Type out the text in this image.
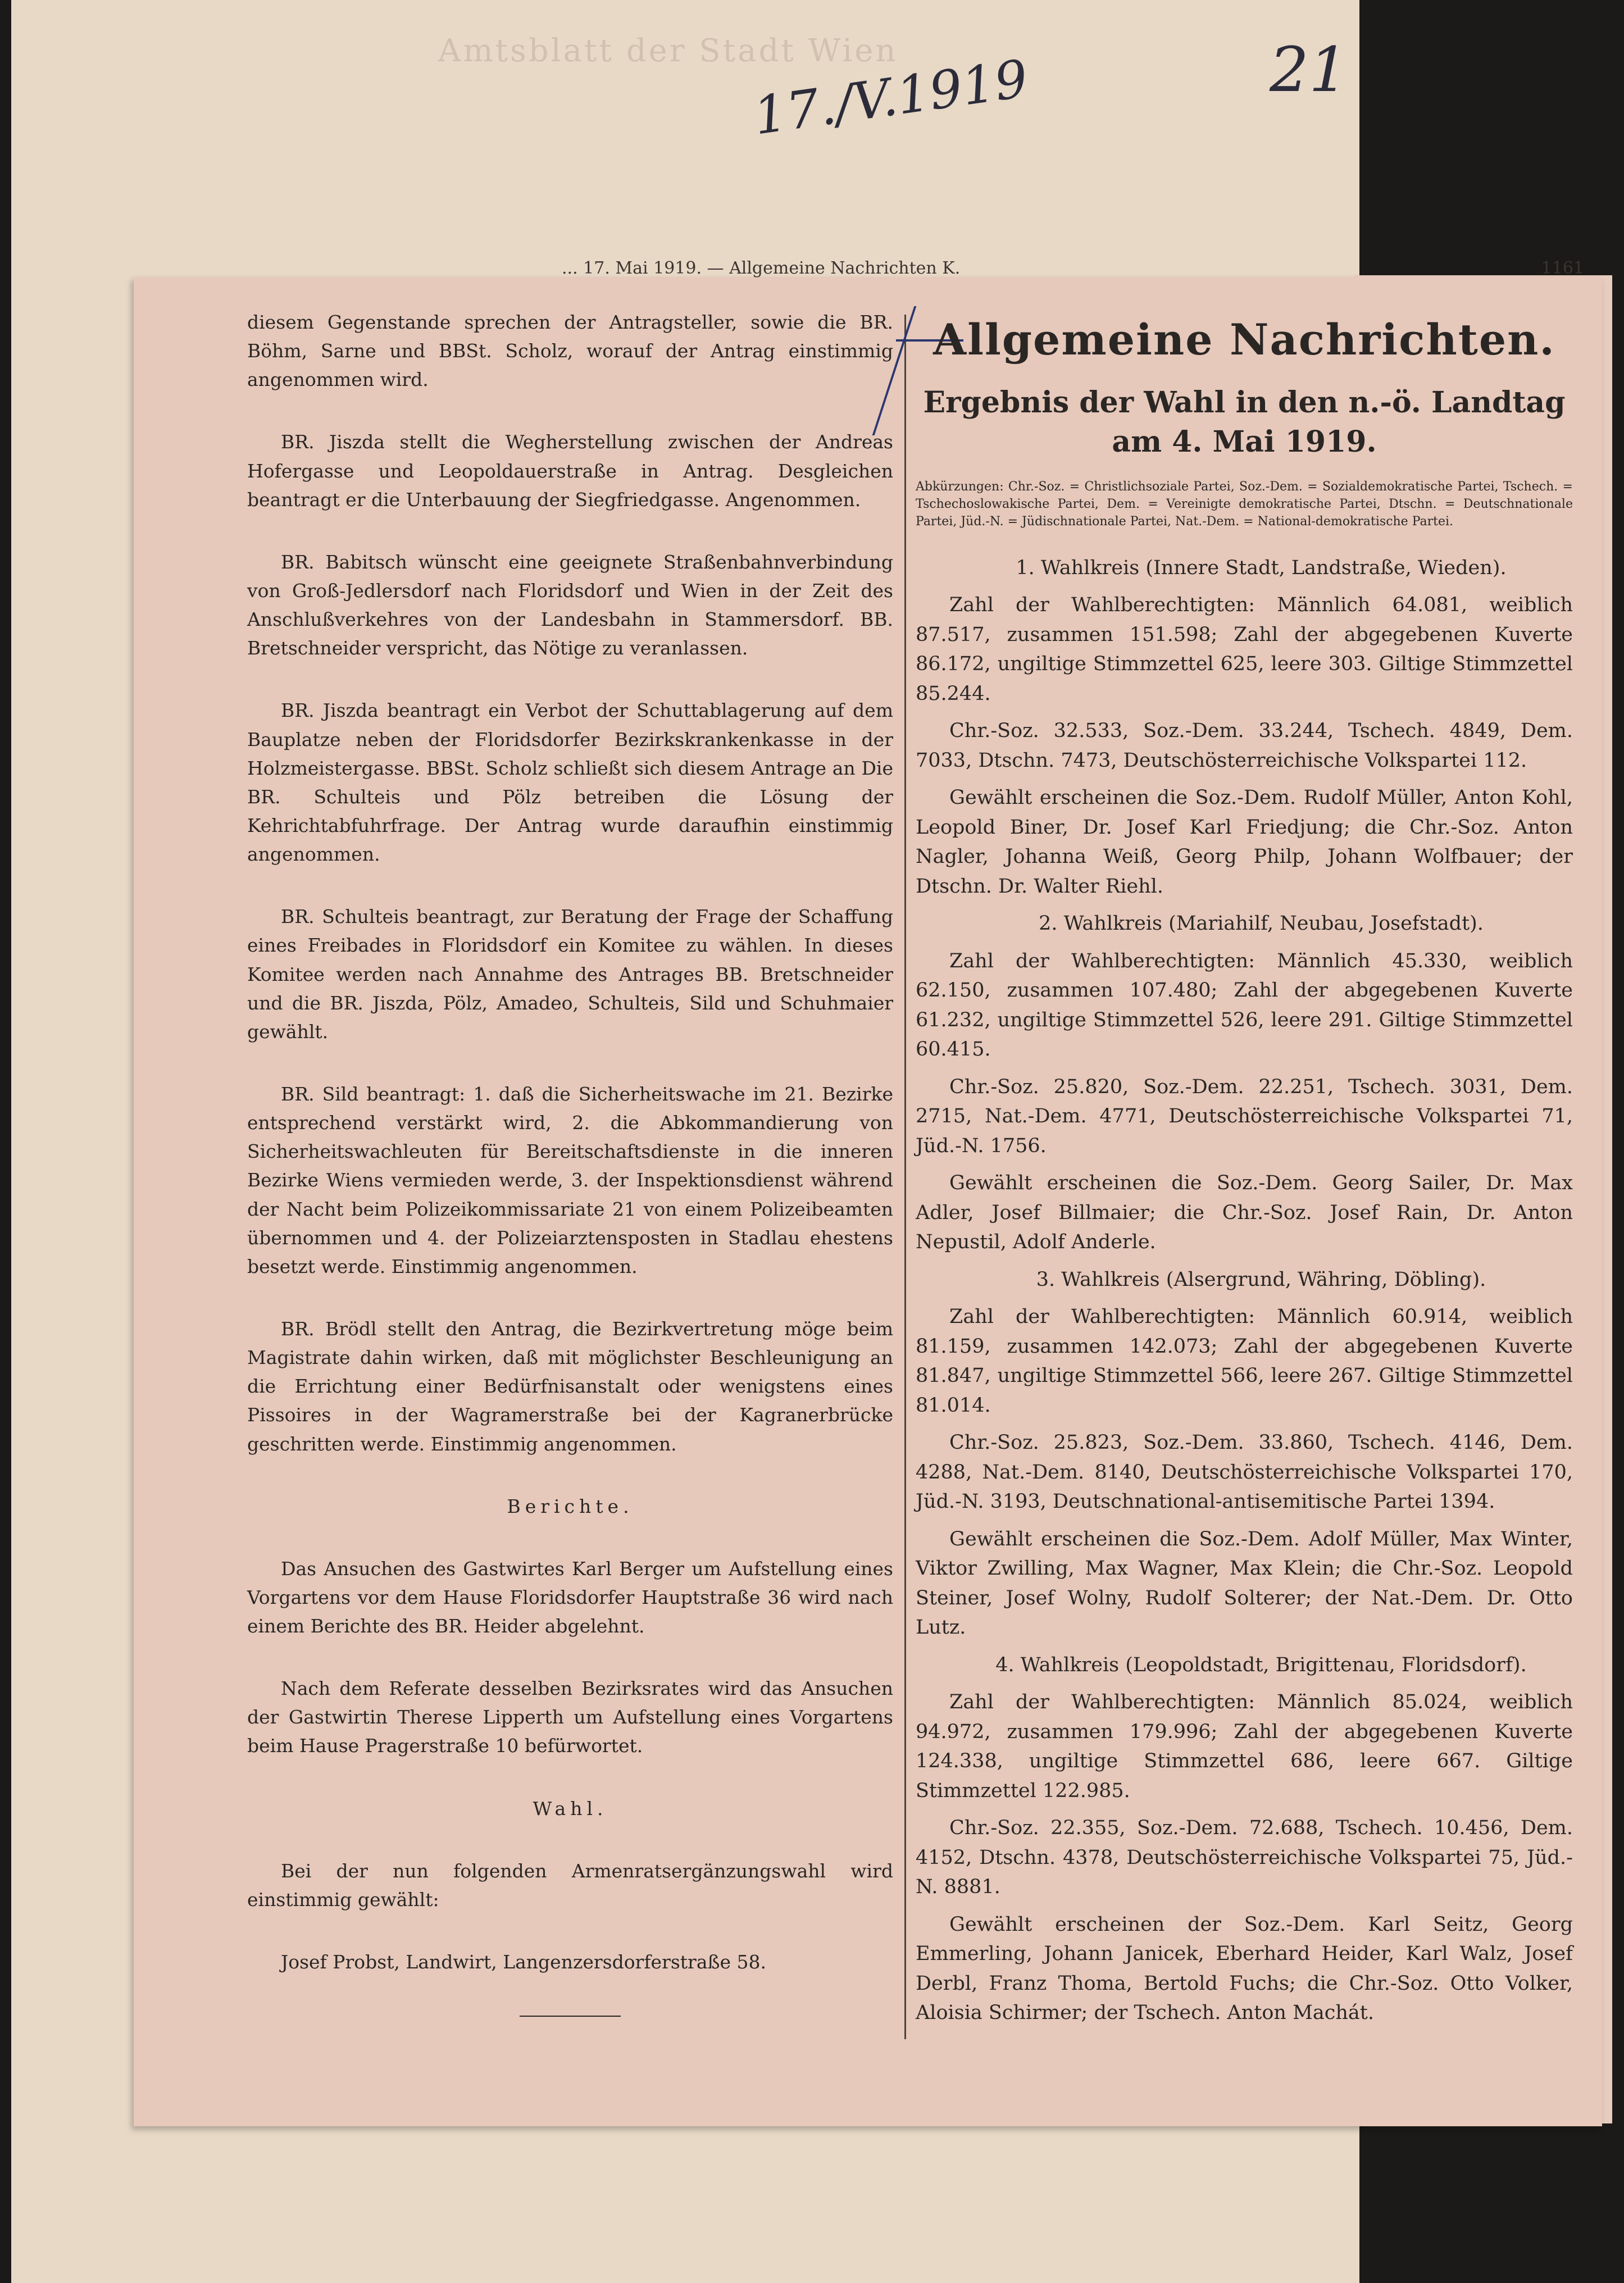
Amtsblatt der Stadt Wien
17./V.1919	21
... 17. Mai 1919. — Allgemeine Nachrichten K.	1161

diesem Gegenstande sprechen der Antragsteller, sowie die BR. Böhm, Sarne und BBSt. Scholz, worauf der Antrag einstimmig angenommen wird.

BR. Jiszda stellt die Wegherstellung zwischen der Andreas Hofergasse und Leopoldauerstraße in Antrag. Desgleichen beantragt er die Unterbauung der Siegfriedgasse. Angenommen.

BR. Babitsch wünscht eine geeignete Straßenbahnverbindung von Groß-Jedlersdorf nach Floridsdorf und Wien in der Zeit des Anschlußverkehres von der Landesbahn in Stammersdorf. BB. Bretschneider verspricht, das Nötige zu veranlassen.

BR. Jiszda beantragt ein Verbot der Schuttablagerung auf dem Bauplatze neben der Floridsdorfer Bezirkskrankenkasse in der Holzmeistergasse. BBSt. Scholz schließt sich diesem Antrage an Die BR. Schulteis und Pölz betreiben die Lösung der Kehrichtabfuhrfrage. Der Antrag wurde daraufhin einstimmig angenommen.

BR. Schulteis beantragt, zur Beratung der Frage der Schaffung eines Freibades in Floridsdorf ein Komitee zu wählen. In dieses Komitee werden nach Annahme des Antrages BB. Bretschneider und die BR. Jiszda, Pölz, Amadeo, Schulteis, Sild und Schuhmaier gewählt.

BR. Sild beantragt: 1. daß die Sicherheitswache im 21. Bezirke entsprechend verstärkt wird, 2. die Abkommandierung von Sicherheitswachleuten für Bereitschaftsdienste in die inneren Bezirke Wiens vermieden werde, 3. der Inspektionsdienst während der Nacht beim Polizeikommissariate 21 von einem Polizeibeamten übernommen und 4. der Polizeiarztensposten in Stadlau ehestens besetzt werde. Einstimmig angenommen.

BR. Brödl stellt den Antrag, die Bezirkvertretung möge beim Magistrate dahin wirken, daß mit möglichster Beschleunigung an die Errichtung einer Bedürfnisanstalt oder wenigstens eines Pissoires in der Wagramerstraße bei der Kagranerbrücke geschritten werde. Einstimmig angenommen.

Berichte.

Das Ansuchen des Gastwirtes Karl Berger um Aufstellung eines Vorgartens vor dem Hause Floridsdorfer Hauptstraße 36 wird nach einem Berichte des BR. Heider abgelehnt.

Nach dem Referate desselben Bezirksrates wird das Ansuchen der Gastwirtin Therese Lipperth um Aufstellung eines Vorgartens beim Hause Pragerstraße 10 befürwortet.

Wahl.

Bei der nun folgenden Armenratsergänzungswahl wird einstimmig gewählt:

Josef Probst, Landwirt, Langenzersdorferstraße 58.

Allgemeine Nachrichten.
Ergebnis der Wahl in den n.-ö. Landtag
am 4. Mai 1919.
Abkürzungen: Chr.-Soz. = Christlichsoziale Partei, Soz.-Dem. = Sozialdemokratische Partei, Tschech. = Tschechoslowakische Partei, Dem. = Vereinigte demokratische Partei, Dtschn. = Deutschnationale Partei, Jüd.-N. = Jüdischnationale Partei, Nat.-Dem. = National-demokratische Partei.

1. Wahlkreis (Innere Stadt, Landstraße, Wieden).

Zahl der Wahlberechtigten: Männlich 64.081, weiblich 87.517, zusammen 151.598; Zahl der abgegebenen Kuverte 86.172, ungiltige Stimmzettel 625, leere 303. Giltige Stimmzettel 85.244.

Chr.-Soz. 32.533, Soz.-Dem. 33.244, Tschech. 4849, Dem. 7033, Dtschn. 7473, Deutschösterreichische Volkspartei 112.

Gewählt erscheinen die Soz.-Dem. Rudolf Müller, Anton Kohl, Leopold Biner, Dr. Josef Karl Friedjung; die Chr.-Soz. Anton Nagler, Johanna Weiß, Georg Philp, Johann Wolfbauer; der Dtschn. Dr. Walter Riehl.

2. Wahlkreis (Mariahilf, Neubau, Josefstadt).

Zahl der Wahlberechtigten: Männlich 45.330, weiblich 62.150, zusammen 107.480; Zahl der abgegebenen Kuverte 61.232, ungiltige Stimmzettel 526, leere 291. Giltige Stimmzettel 60.415.

Chr.-Soz. 25.820, Soz.-Dem. 22.251, Tschech. 3031, Dem. 2715, Nat.-Dem. 4771, Deutschösterreichische Volkspartei 71, Jüd.-N. 1756.

Gewählt erscheinen die Soz.-Dem. Georg Sailer, Dr. Max Adler, Josef Billmaier; die Chr.-Soz. Josef Rain, Dr. Anton Nepustil, Adolf Anderle.

3. Wahlkreis (Alsergrund, Währing, Döbling).

Zahl der Wahlberechtigten: Männlich 60.914, weiblich 81.159, zusammen 142.073; Zahl der abgegebenen Kuverte 81.847, ungiltige Stimmzettel 566, leere 267. Giltige Stimmzettel 81.014.

Chr.-Soz. 25.823, Soz.-Dem. 33.860, Tschech. 4146, Dem. 4288, Nat.-Dem. 8140, Deutschösterreichische Volkspartei 170, Jüd.-N. 3193, Deutschnational-antisemitische Partei 1394.

Gewählt erscheinen die Soz.-Dem. Adolf Müller, Max Winter, Viktor Zwilling, Max Wagner, Max Klein; die Chr.-Soz. Leopold Steiner, Josef Wolny, Rudolf Solterer; der Nat.-Dem. Dr. Otto Lutz.

4. Wahlkreis (Leopoldstadt, Brigittenau, Floridsdorf).

Zahl der Wahlberechtigten: Männlich 85.024, weiblich 94.972, zusammen 179.996; Zahl der abgegebenen Kuverte 124.338, ungiltige Stimmzettel 686, leere 667. Giltige Stimmzettel 122.985.

Chr.-Soz. 22.355, Soz.-Dem. 72.688, Tschech. 10.456, Dem. 4152, Dtschn. 4378, Deutschösterreichische Volkspartei 75, Jüd.-N. 8881.

Gewählt erscheinen der Soz.-Dem. Karl Seitz, Georg Emmerling, Johann Janicek, Eberhard Heider, Karl Walz, Josef Derbl, Franz Thoma, Bertold Fuchs; die Chr.-Soz. Otto Volker, Aloisia Schirmer; der Tschech. Anton Machát.
